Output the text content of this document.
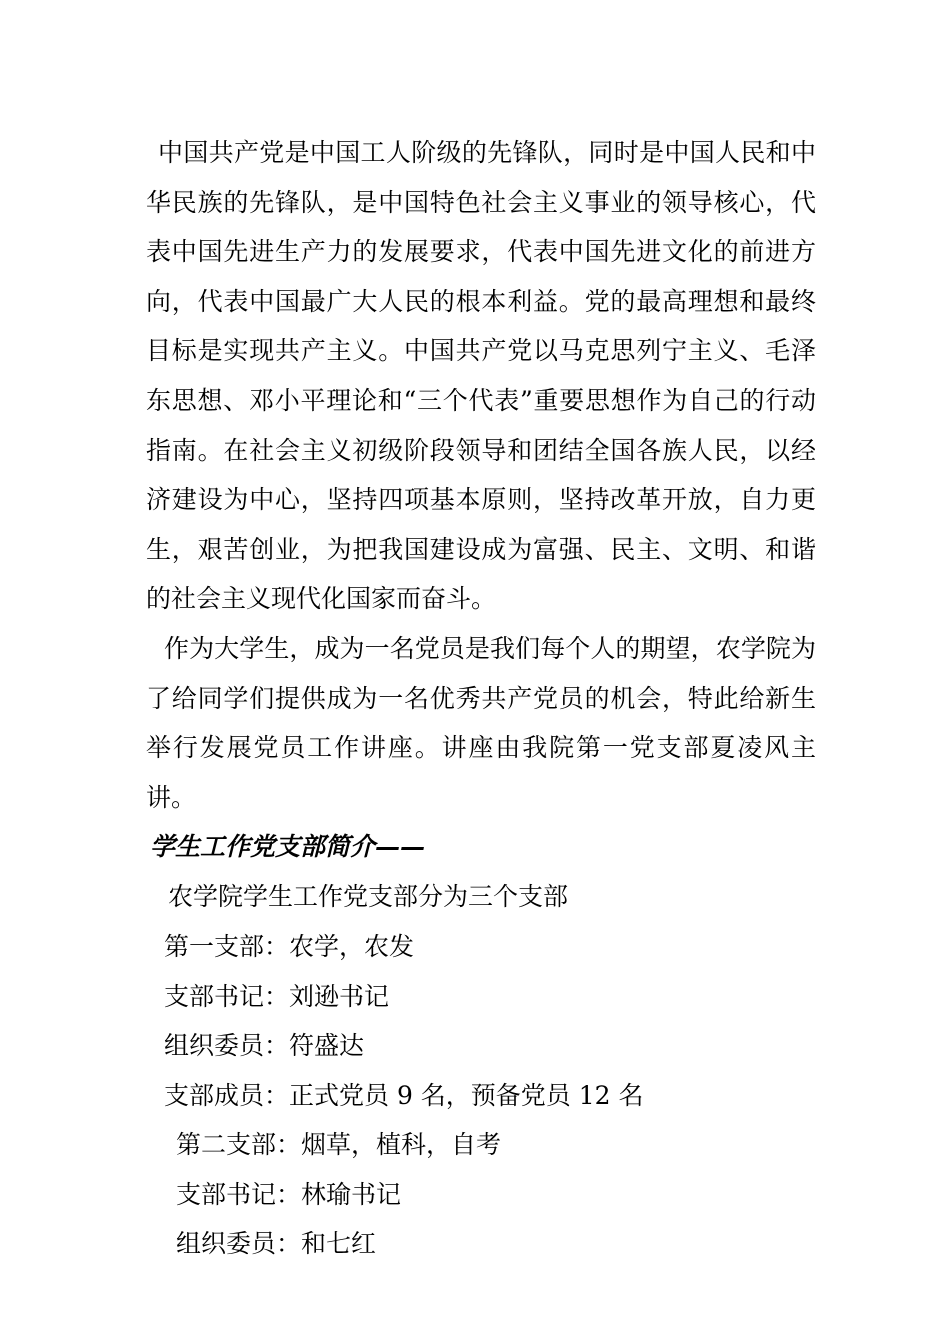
中国共产党是中国工人阶级的先锋队，同时是中国人民和中华民族的先锋队，是中国特色社会主义事业的领导核心，代表中国先进生产力的发展要求，代表中国先进文化的前进方向，代表中国最广大人民的根本利益。党的最高理想和最终目标是实现共产主义。中国共产党以马克思列宁主义、毛泽东思想、邓小平理论和“三个代表”重要思想作为自己的行动指南。在社会主义初级阶段领导和团结全国各族人民，以经济建设为中心，坚持四项基本原则，坚持改革开放，自力更生，艰苦创业，为把我国建设成为富强、民主、文明、和谐的社会主义现代化国家而奋斗。

作为大学生，成为一名党员是我们每个人的期望，农学院为了给同学们提供成为一名优秀共产党员的机会，特此给新生举行发展党员工作讲座。讲座由我院第一党支部夏凌风主讲。

学生工作党支部简介——

农学院学生工作党支部分为三个支部

第一支部：农学，农发

支部书记：刘逊书记

组织委员：符盛达

支部成员：正式党员 9 名，预备党员 12 名

第二支部：烟草，植科，自考

支部书记：林瑜书记

组织委员：和七红
